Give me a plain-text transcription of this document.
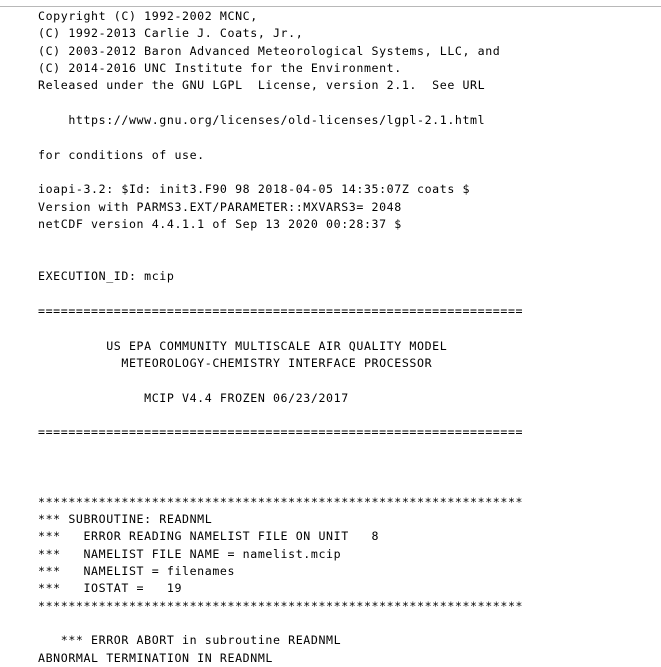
Copyright (C) 1992-2002 MCNC,
(C) 1992-2013 Carlie J. Coats, Jr.,
(C) 2003-2012 Baron Advanced Meteorological Systems, LLC, and
(C) 2014-2016 UNC Institute for the Environment.
Released under the GNU LGPL  License, version 2.1.  See URL

https://www.gnu.org/licenses/old-licenses/lgpl-2.1.html

for conditions of use.

ioapi-3.2: $Id: init3.F90 98 2018-04-05 14:35:07Z coats $
Version with PARMS3.EXT/PARAMETER::MXVARS3= 2048
netCDF version 4.4.1.1 of Sep 13 2020 00:28:37 $

EXECUTION_ID: mcip

================================================================

US EPA COMMUNITY MULTISCALE AIR QUALITY MODEL
METEOROLOGY-CHEMISTRY INTERFACE PROCESSOR

MCIP V4.4 FROZEN 06/23/2017

================================================================

****************************************************************
*** SUBROUTINE: READNML
***   ERROR READING NAMELIST FILE ON UNIT   8
***   NAMELIST FILE NAME = namelist.mcip
***   NAMELIST = filenames
***   IOSTAT =   19
****************************************************************

*** ERROR ABORT in subroutine READNML
ABNORMAL TERMINATION IN READNML
